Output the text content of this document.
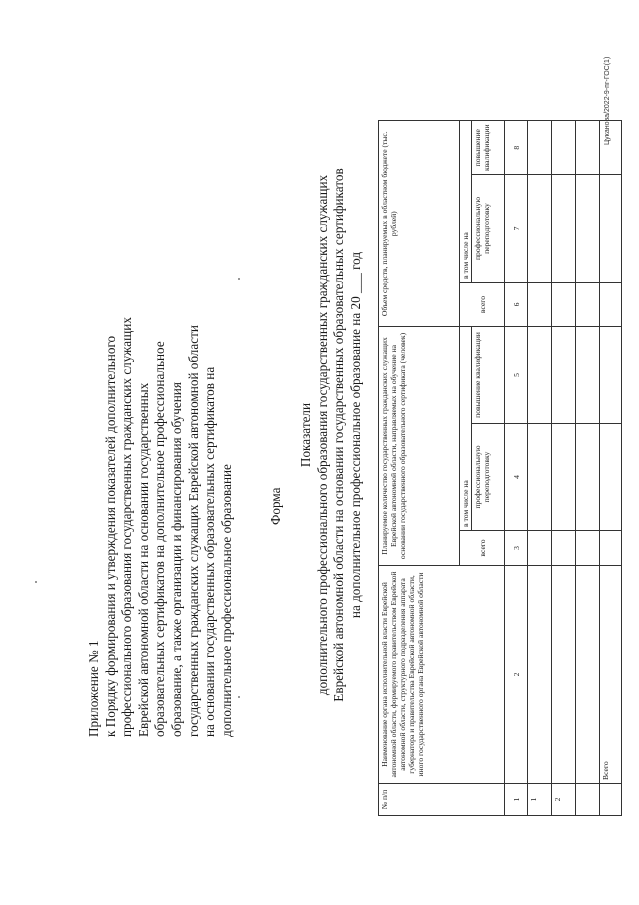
Приложение № 1 к Порядку формирования и утверждения показателей дополнительного профессионального образования государственных гражданских служащих Еврейской автономной области на основании государственных образовательных сертификатов на дополнительное профессиональное образование, а также организации и финансирования обучения государственных гражданских служащих Еврейской автономной области на основании государственных образовательных сертификатов на дополнительное профессиональное образование	Форма
Показатели дополнительного профессионального образования государственных гражданских служащих Еврейской автономной области на основании государственных образовательных сертификатов на дополнительное профессиональное образование на 20 ___ год
№ п/п	Наименование органа исполнительной власти Еврейской автономной области, формируемого правительством Еврейской автономной области, структурного подразделения аппарата губернатора и правительства Еврейской автономной области, иного государственного органа Еврейской автономной области	Планируемое количество государственных гражданских служащих Еврейской автономной области, направляемых на обучение на основании государственного образовательного сертификата (человек)			Объем средств, планируемых в областном бюджете (тыс. рублей)		
		всего	в том числе на		всего	в том числе на	
			профессиональную переподготовку	повышение квалификации		профессиональную переподготовку	повышение квалификации
1	2	3	4	5	6	7	8
1							
2							

	Всего						
Цуканова/2022-9-пг-ГОС(1)
